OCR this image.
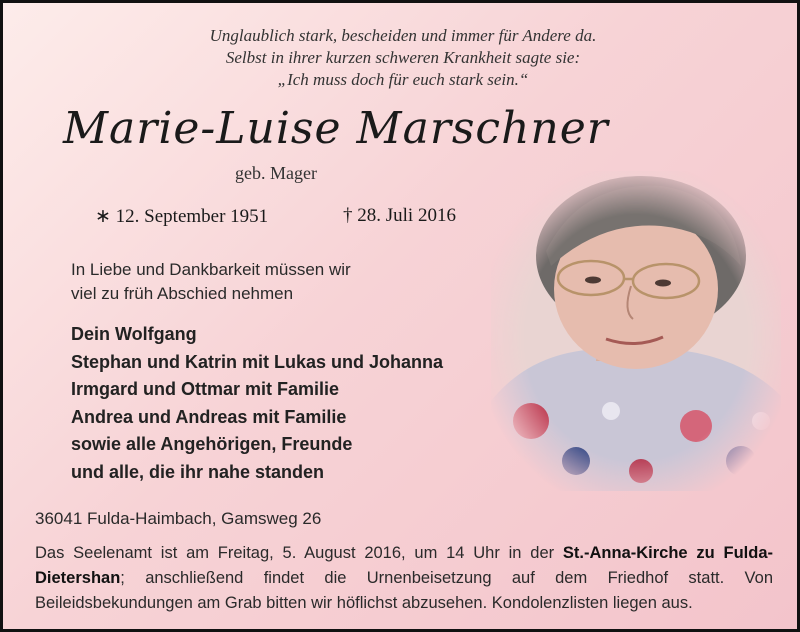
Unglaublich stark, bescheiden und immer für Andere da.
Selbst in ihrer kurzen schweren Krankheit sagte sie:
„Ich muss doch für euch stark sein.“
Marie-Luise Marschner
geb. Mager
∗ 12. September 1951	† 28. Juli 2016
In Liebe und Dankbarkeit müssen wir
viel zu früh Abschied nehmen
Dein Wolfgang
Stephan und Katrin mit Lukas und Johanna
Irmgard und Ottmar mit Familie
Andrea und Andreas mit Familie
sowie alle Angehörigen, Freunde
und alle, die ihr nahe standen
36041 Fulda-Haimbach, Gamsweg 26
Das Seelenamt ist am Freitag, 5. August 2016, um 14 Uhr in der St.-Anna-Kirche zu Fulda-Dietershan; anschließend findet die Urnenbeisetzung auf dem Friedhof statt. Von Beileidsbekundungen am Grab bitten wir höflichst abzusehen. Kondolenzlisten liegen aus.
